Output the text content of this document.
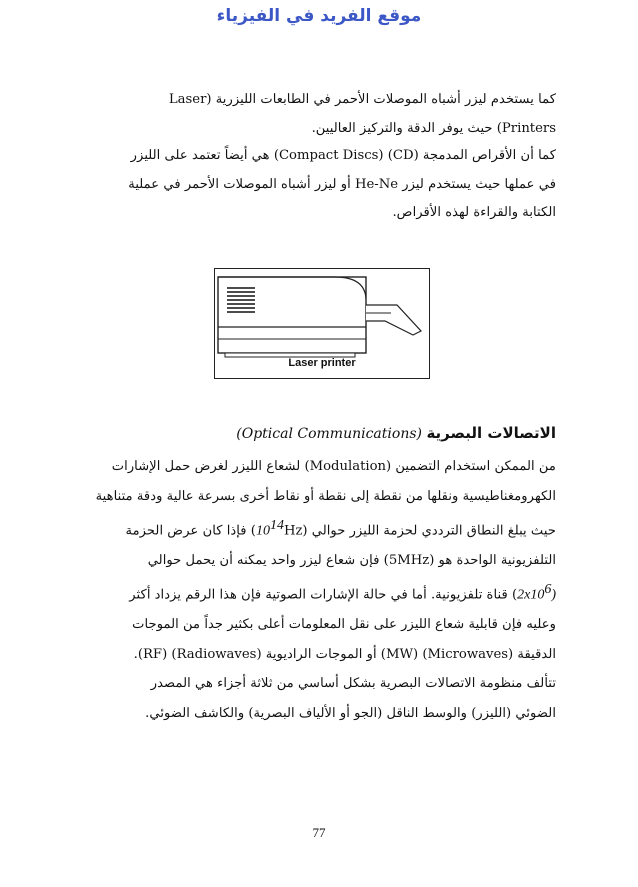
موقع الفريد في الفيزياء
كما يستخدم ليزر أشباه الموصلات الأحمر في الطابعات الليزرية (Laser
Printers) حيث يوفر الدقة والتركيز العاليين.
كما أن الأقراص المدمجة (CD) (Compact Discs) هي أيضاً تعتمد على الليزر
في عملها حيث يستخدم ليزر He-Ne أو ليزر أشباه الموصلات الأحمر في عملية
الكتابة والقراءة لهذه الأقراص.
Laser printer
الاتصالات البصرية (Optical Communications)
من الممكن استخدام التضمين (Modulation) لشعاع الليزر لغرض حمل الإشارات
الكهرومغناطيسية ونقلها من نقطة إلى نقطة أو نقاط أخرى بسرعة عالية ودقة متناهية
حيث يبلغ النطاق الترددي لحزمة الليزر حوالي $(10^{14}Hz)$ فإذا كان عرض الحزمة
التلفزيونية الواحدة هو (5MHz) فإن شعاع ليزر واحد يمكنه أن يحمل حوالي
$(2x10^6)$ قناة تلفزيونية. أما في حالة الإشارات الصوتية فإن هذا الرقم يزداد أكثر
وعليه فإن قابلية شعاع الليزر على نقل المعلومات أعلى بكثير جداً من الموجات
الدقيقة (Microwaves) (MW) أو الموجات الراديوية (Radiowaves) (RF).
تتألف منظومة الاتصالات البصرية بشكل أساسي من ثلاثة أجزاء هي المصدر
الضوئي (الليزر) والوسط الناقل (الجو أو الألياف البصرية) والكاشف الضوئي.
77
